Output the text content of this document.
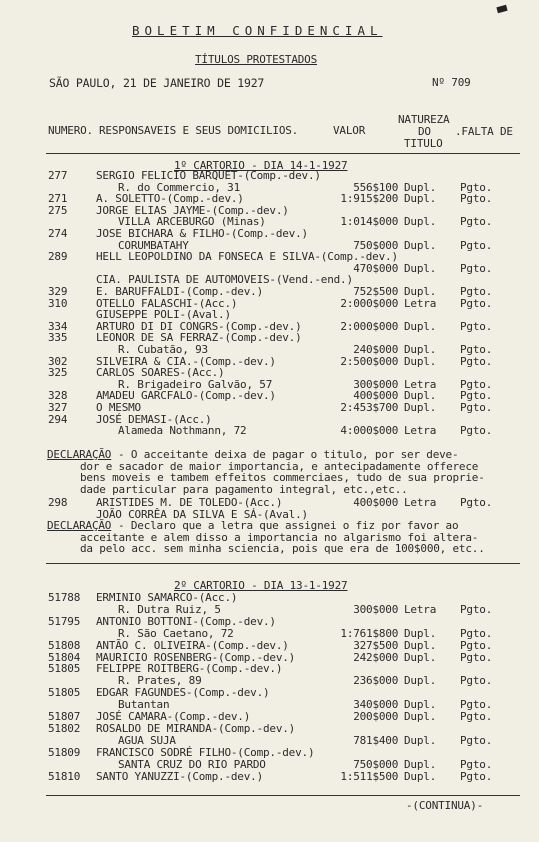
BOLETIM CONFIDENCIAL
TÍTULOS PROTESTADOS
SÃO PAULO, 21 DE JANEIRO DE 1927	Nº 709
NATUREZA
NUMERO. RESPONSAVEIS E SEUS DOMICILIOS.	VALOR	DO .FALTA DE
TITULO
1º CARTORIO - DIA 14-1-1927
277	SERGIO FELICIO BARQUET-(Comp.-dev.)
R. do Commercio, 31	556$100 Dupl. Pgto.
271	A. SOLETTO-(Comp.-dev.)	1:915$200 Dupl. Pgto.
275	JORGE ELIAS JAYME-(Comp.-dev.)
VILLA ARCEBURGO (Minas)	1:014$000 Dupl. Pgto.
274	JOSE BICHARA & FILHO-(Comp.-dev.)
CORUMBATAHY	750$000 Dupl. Pgto.
289	HELL LEOPOLDINO DA FONSECA E SILVA-(Comp.-dev.)
470$000 Dupl. Pgto.
CIA. PAULISTA DE AUTOMOVEIS-(Vend.-end.)
329	E. BARUFFALDI-(Comp.-dev.)	752$500 Dupl. Pgto.
310	OTELLO FALASCHI-(Acc.)	2:000$000 Letra Pgto.
GIUSEPPE POLI-(Aval.)
334	ARTURO DI DI CONGRS-(Comp.-dev.)	2:000$000 Dupl. Pgto.
335	LEONOR DE SA FERRAZ-(Comp.-dev.)
R. Cubatão, 93	240$000 Dupl. Pgto.
302	SILVEIRA & CIA.-(Comp.-dev.)	2:500$000 Dupl. Pgto.
325	CARLOS SOARES-(Acc.)
R. Brigadeiro Galvão, 57	300$000 Letra Pgto.
328	AMADEU GARCFALO-(Comp.-dev.)	400$000 Dupl. Pgto.
327	O MESMO	2:453$700 Dupl. Pgto.
294	JOSÉ DEMASI-(Acc.)
Alameda Nothmann, 72	4:000$000 Letra Pgto.
DECLARAÇÃO - O acceitante deixa de pagar o titulo, por ser deve-
dor e sacador de maior importancia, e antecipadamente offerece
bens moveis e tambem effeitos commerciaes, tudo de sua proprie-
dade particular para pagamento integral, etc.,etc..
298	ARISTIDES M. DE TOLEDO-(Acc.)	400$000 Letra Pgto.
JOÃO CORRÊA DA SILVA E SÁ-(Aval.)
DECLARAÇÃO - Declaro que a letra que assignei o fiz por favor ao
acceitante e alem disso a importancia no algarismo foi altera-
da pelo acc. sem minha sciencia, pois que era de 100$000, etc..
2º CARTORIO - DIA 13-1-1927
51788 ERMINIO SAMARCO-(Acc.)
R. Dutra Ruiz, 5	300$000 Letra Pgto.
51795 ANTONIO BOTTONI-(Comp.-dev.)
R. São Caetano, 72	1:761$800 Dupl. Pgto.
51808 ANTÃO C. OLIVEIRA-(Comp.-dev.)	327$500 Dupl. Pgto.
51804 MAURICIO ROSENBERG-(Comp.-dev.)	242$000 Dupl. Pgto.
51805 FELIPPE ROITBERG-(Comp.-dev.)
R. Prates, 89	236$000 Dupl. Pgto.
51805 EDGAR FAGUNDES-(Comp.-dev.)
Butantan	340$000 Dupl. Pgto.
51807 JOSÉ CAMARA-(Comp.-dev.)	200$000 Dupl. Pgto.
51802 ROSALDO DE MIRANDA-(Comp.-dev.)
AGUA SUJA	781$400 Dupl. Pgto.
51809 FRANCISCO SODRÉ FILHO-(Comp.-dev.)
SANTA CRUZ DO RIO PARDO	750$000 Dupl. Pgto.
51810 SANTO YANUZZI-(Comp.-dev.)	1:511$500 Dupl. Pgto.
-(CONTINUA)-
